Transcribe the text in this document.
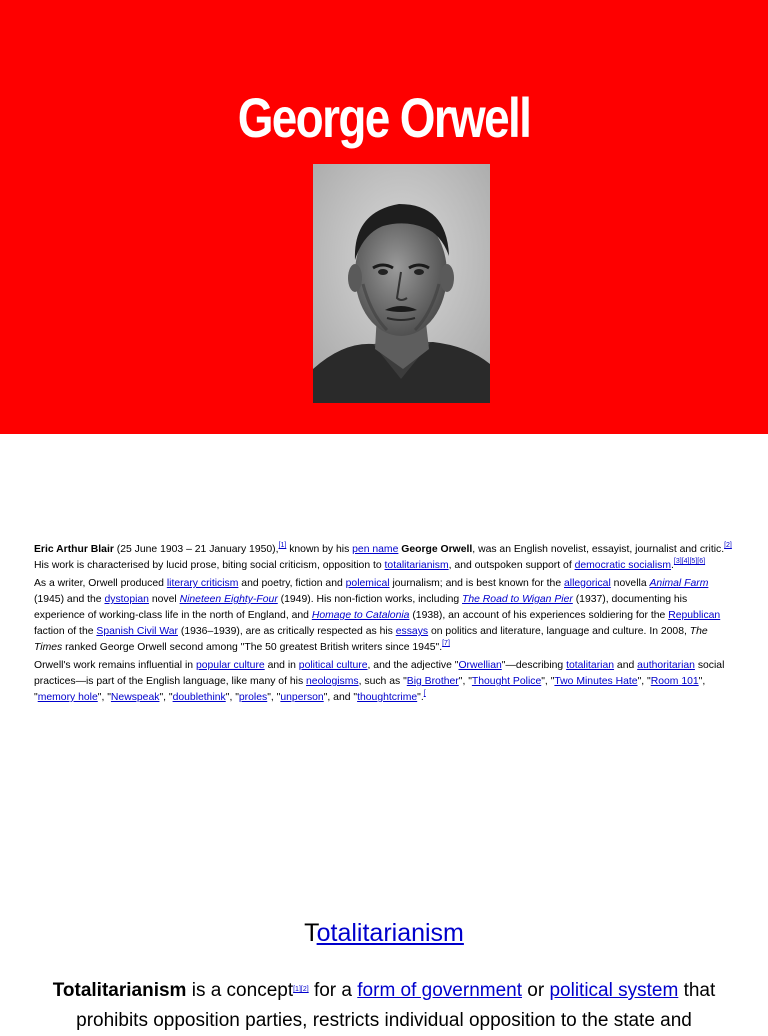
George Orwell

Eric Arthur Blair (25 June 1903 – 21 January 1950),[1] known by his pen name George Orwell, was an English novelist, essayist, journalist and critic.[2] His work is characterised by lucid prose, biting social criticism, opposition to totalitarianism, and outspoken support of democratic socialism.[3][4][5][6]

As a writer, Orwell produced literary criticism and poetry, fiction and polemical journalism; and is best known for the allegorical novella Animal Farm (1945) and the dystopian novel Nineteen Eighty-Four (1949). His non-fiction works, including The Road to Wigan Pier (1937), documenting his experience of working-class life in the north of England, and Homage to Catalonia (1938), an account of his experiences soldiering for the Republican faction of the Spanish Civil War (1936–1939), are as critically respected as his essays on politics and literature, language and culture. In 2008, The Times ranked George Orwell second among "The 50 greatest British writers since 1945".[7]

Orwell's work remains influential in popular culture and in political culture, and the adjective "Orwellian"—describing totalitarian and authoritarian social practices—is part of the English language, like many of his neologisms, such as "Big Brother", "Thought Police", "Two Minutes Hate", "Room 101", "memory hole", "Newspeak", "doublethink", "proles", "unperson", and "thoughtcrime".[

Totalitarianism

Totalitarianism is a concept[1][2] for a form of government or political system that prohibits opposition parties, restricts individual opposition to the state and
